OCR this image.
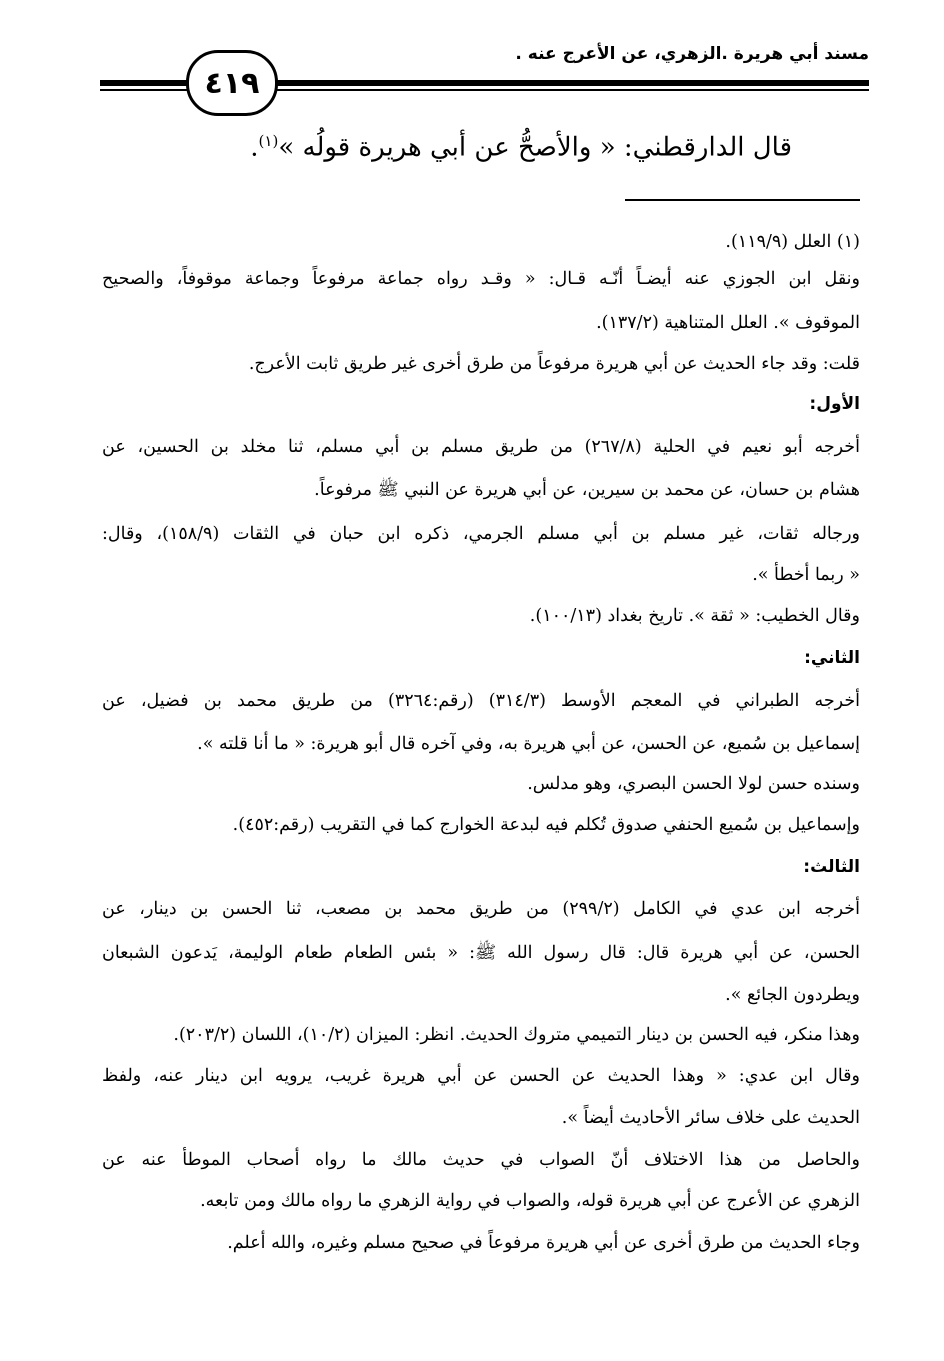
مسند أبي هريرة .الزهري، عن الأعرج عنه .
٤١٩
قال الدارقطني: « والأصحُّ عن أبي هريرة قولُه »$^{(١)}$.
(١) العلل (١١٩/٩).
ونقل ابن الجوزي عنه أيضـاً أنّـه قـال: « وقـد رواه جماعة مرفوعاً وجماعة موقوفاً، والصحيح
الموقوف ». العلل المتناهية (١٣٧/٢).
قلت: وقد جاء الحديث عن أبي هريرة مرفوعاً من طرق أخرى غير طريق ثابت الأعرج.
الأول:
أخرجه أبو نعيم في الحلية (٢٦٧/٨) من طريق مسلم بن أبي مسلم، ثنا مخلد بن الحسين، عن
هشام بن حسان، عن محمد بن سيرين، عن أبي هريرة عن النبي ﷺ مرفوعاً.
ورجاله ثقات، غير مسلم بن أبي مسلم الجرمي، ذكره ابن حبان في الثقات (١٥٨/٩)، وقال:
« ربما أخطأ ».
وقال الخطيب: « ثقة ». تاريخ بغداد (١٠٠/١٣).
الثاني:
أخرجه الطبراني في المعجم الأوسط (٣١٤/٣) (رقم:٣٢٦٤) من طريق محمد بن فضيل، عن
إسماعيل بن سُميع، عن الحسن، عن أبي هريرة به، وفي آخره قال أبو هريرة: « ما أنا قلته ».
وسنده حسن لولا الحسن البصري، وهو مدلس.
وإسماعيل بن سُميع الحنفي صدوق تُكلم فيه لبدعة الخوارج كما في التقريب (رقم:٤٥٢).
الثالث:
أخرجه ابن عدي في الكامل (٢٩٩/٢) من طريق محمد بن مصعب، ثنا الحسن بن دينار، عن
الحسن، عن أبي هريرة قال: قال رسول الله ﷺ: « بئس الطعام طعام الوليمة، يَدعون الشبعان
ويطردون الجائع ».
وهذا منكر، فيه الحسن بن دينار التميمي متروك الحديث. انظر: الميزان (١٠/٢)، اللسان (٢٠٣/٢).
وقال ابن عدي: « وهذا الحديث عن الحسن عن أبي هريرة غريب، يرويه ابن دينار عنه، ولفظ
الحديث على خلاف سائر الأحاديث أيضاً ».
والحاصل من هذا الاختلاف أنّ الصواب في حديث مالك ما رواه أصحاب الموطأ عنه عن
الزهري عن الأعرج عن أبي هريرة قوله، والصواب في رواية الزهري ما رواه مالك ومن تابعه.
وجاء الحديث من طرق أخرى عن أبي هريرة مرفوعاً في صحيح مسلم وغيره، والله أعلم.
